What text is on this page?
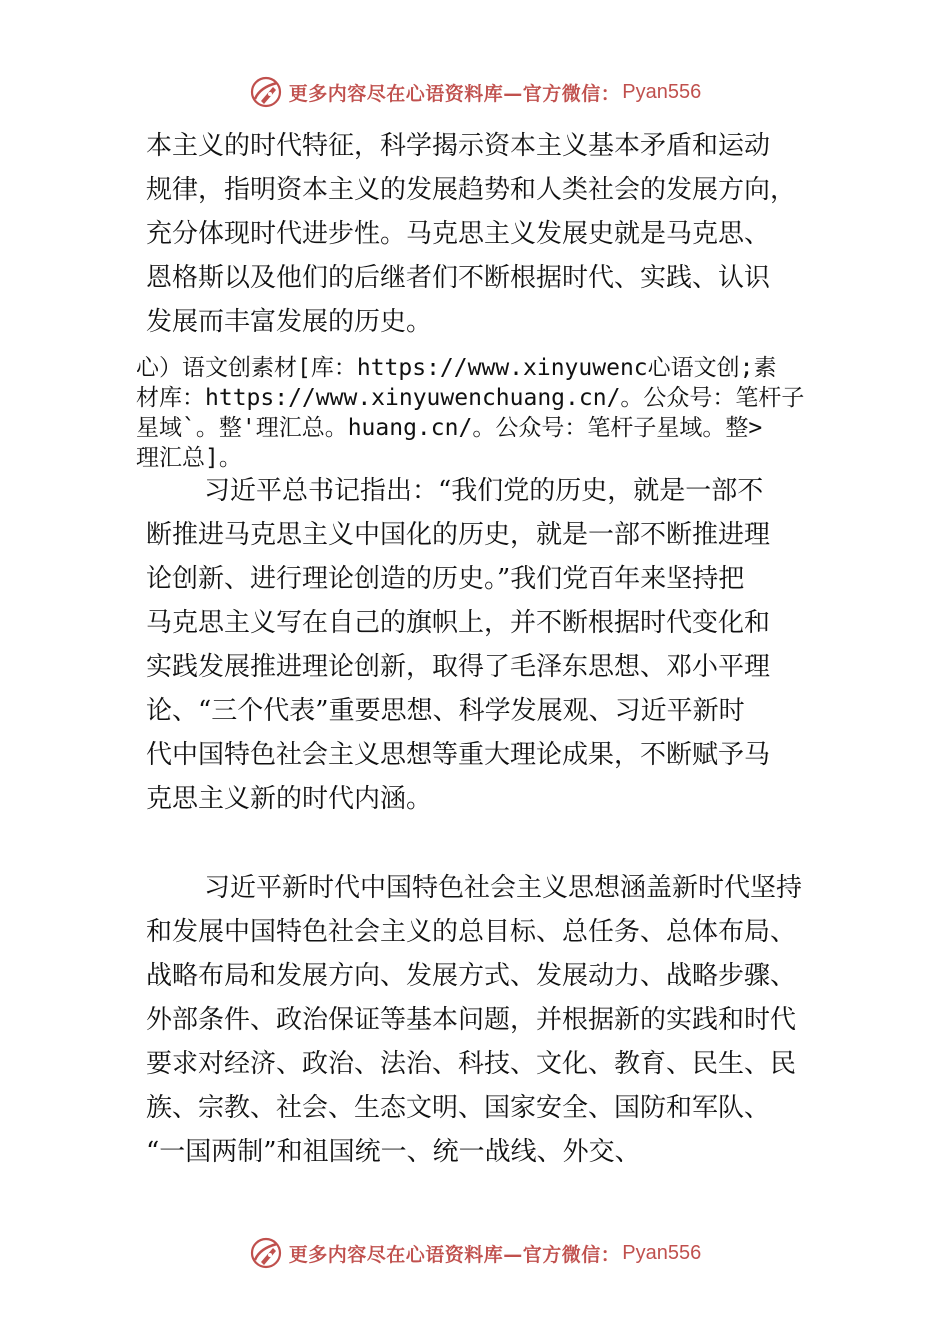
更多内容尽在心语资料库—官方微信： Pyan556
本主义的时代特征，科学揭示资本主义基本矛盾和运动
规律，指明资本主义的发展趋势和人类社会的发展方向，
充分体现时代进步性。马克思主义发展史就是马克思、
恩格斯以及他们的后继者们不断根据时代、实践、认识
发展而丰富发展的历史。
心）语文创素材[库：https://www.xinyuwenc心语文创;素
材库：https://www.xinyuwenchuang.cn/。公众号：笔杆子
星域`。整'理汇总。huang.cn/。公众号：笔杆子星域。整>
理汇总]。
习近平总书记指出：“我们党的历史，就是一部不
断推进马克思主义中国化的历史，就是一部不断推进理
论创新、进行理论创造的历史。”我们党百年来坚持把
马克思主义写在自己的旗帜上，并不断根据时代变化和
实践发展推进理论创新，取得了毛泽东思想、邓小平理
论、“三个代表”重要思想、科学发展观、习近平新时
代中国特色社会主义思想等重大理论成果，不断赋予马
克思主义新的时代内涵。
习近平新时代中国特色社会主义思想涵盖新时代坚持
和发展中国特色社会主义的总目标、总任务、总体布局、
战略布局和发展方向、发展方式、发展动力、战略步骤、
外部条件、政治保证等基本问题，并根据新的实践和时代
要求对经济、政治、法治、科技、文化、教育、民生、民
族、宗教、社会、生态文明、国家安全、国防和军队、
“一国两制”和祖国统一、统一战线、外交、
更多内容尽在心语资料库—官方微信： Pyan556
